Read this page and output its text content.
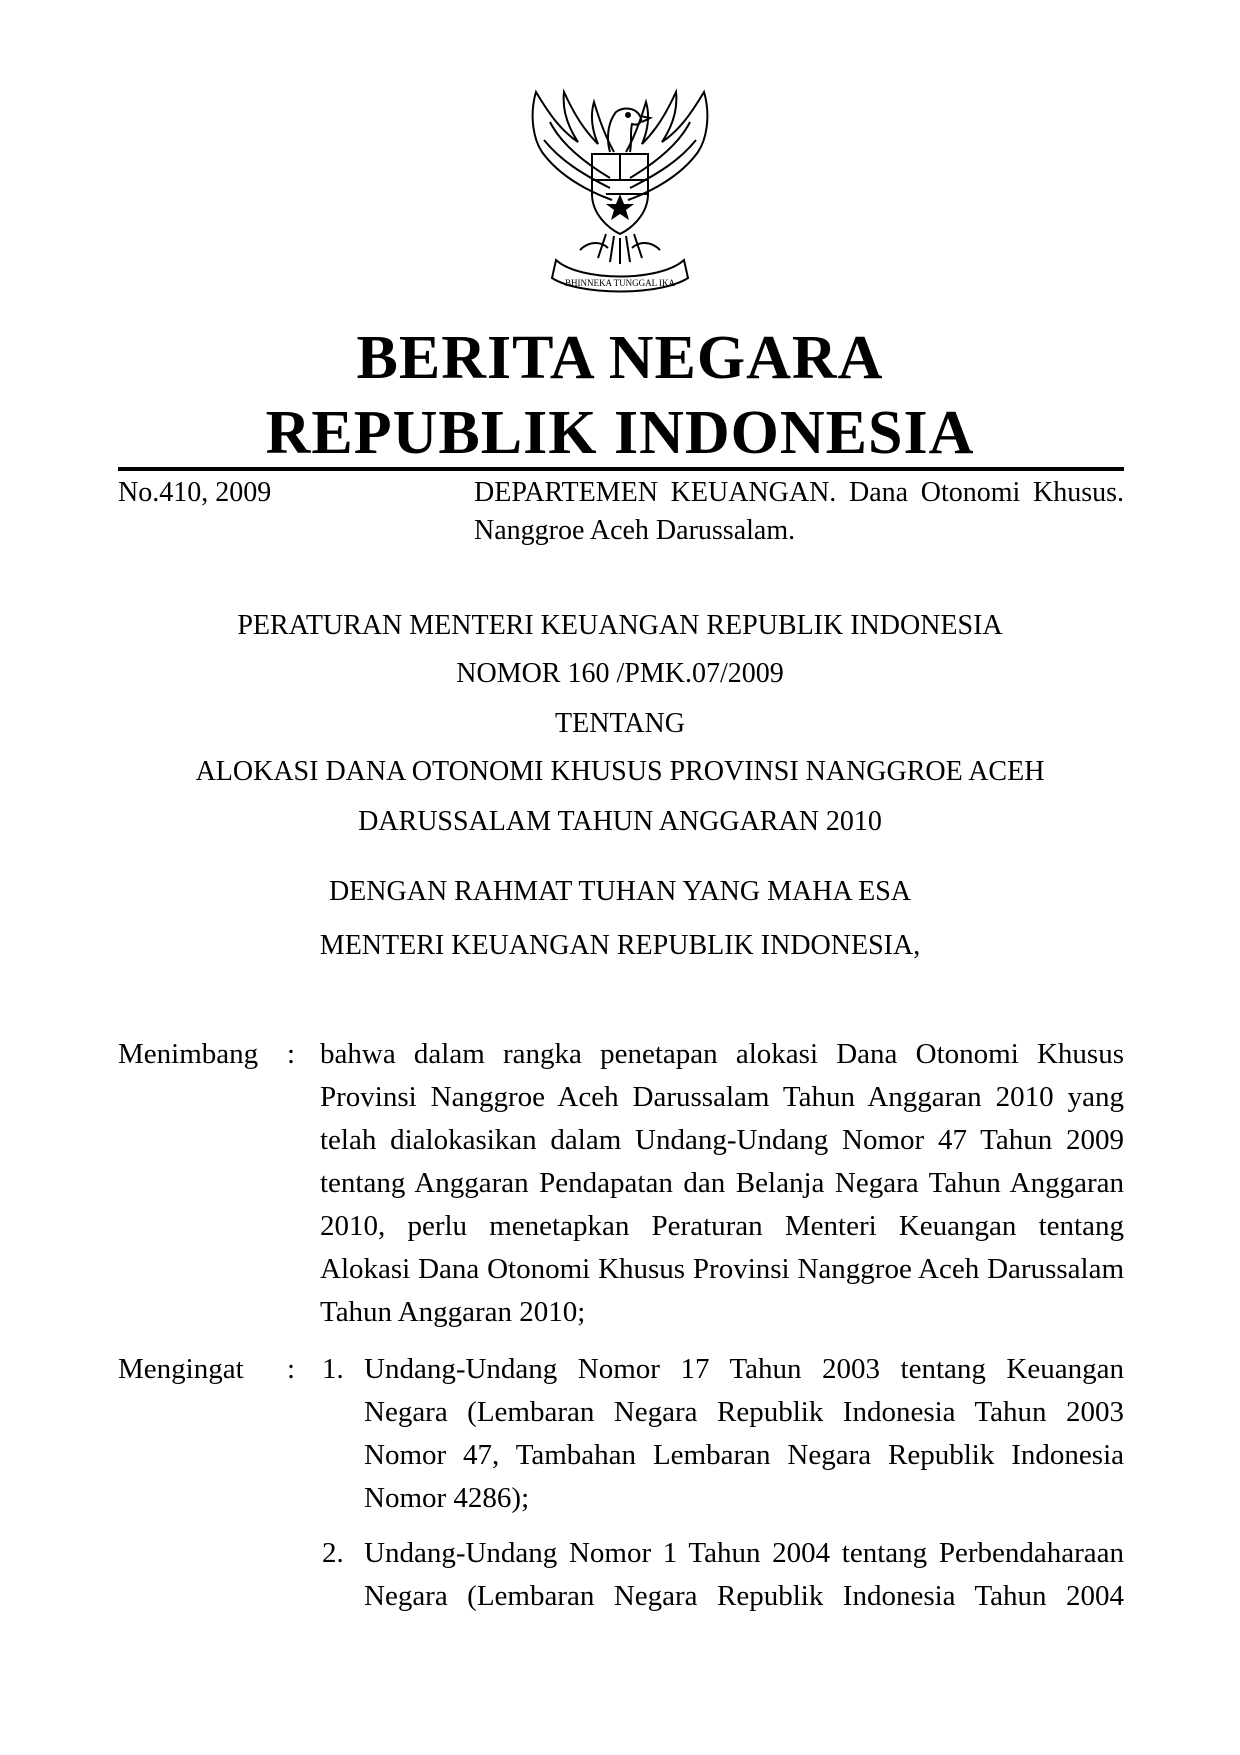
BHINNEKA TUNGGAL IKA
BERITA NEGARA
REPUBLIK INDONESIA
No.410, 2009	DEPARTEMEN KEUANGAN. Dana Otonomi Khusus. Nanggroe Aceh Darussalam.
PERATURAN MENTERI KEUANGAN REPUBLIK INDONESIA
NOMOR 160 /PMK.07/2009
TENTANG
ALOKASI DANA OTONOMI KHUSUS PROVINSI NANGGROE ACEH
DARUSSALAM TAHUN ANGGARAN 2010
DENGAN RAHMAT TUHAN YANG MAHA ESA
MENTERI KEUANGAN REPUBLIK INDONESIA,
Menimbang : bahwa dalam rangka penetapan alokasi Dana Otonomi Khusus Provinsi Nanggroe Aceh Darussalam Tahun Anggaran 2010 yang telah dialokasikan dalam Undang-Undang Nomor 47 Tahun 2009 tentang Anggaran Pendapatan dan Belanja Negara Tahun Anggaran 2010, perlu menetapkan Peraturan Menteri Keuangan tentang Alokasi Dana Otonomi Khusus Provinsi Nanggroe Aceh Darussalam Tahun Anggaran 2010;
Mengingat : 1. Undang-Undang Nomor 17 Tahun 2003 tentang Keuangan Negara (Lembaran Negara Republik Indonesia Tahun 2003 Nomor 47, Tambahan Lembaran Negara Republik Indonesia Nomor 4286);
2. Undang-Undang Nomor 1 Tahun 2004 tentang Perbendaharaan Negara (Lembaran Negara Republik Indonesia Tahun 2004
